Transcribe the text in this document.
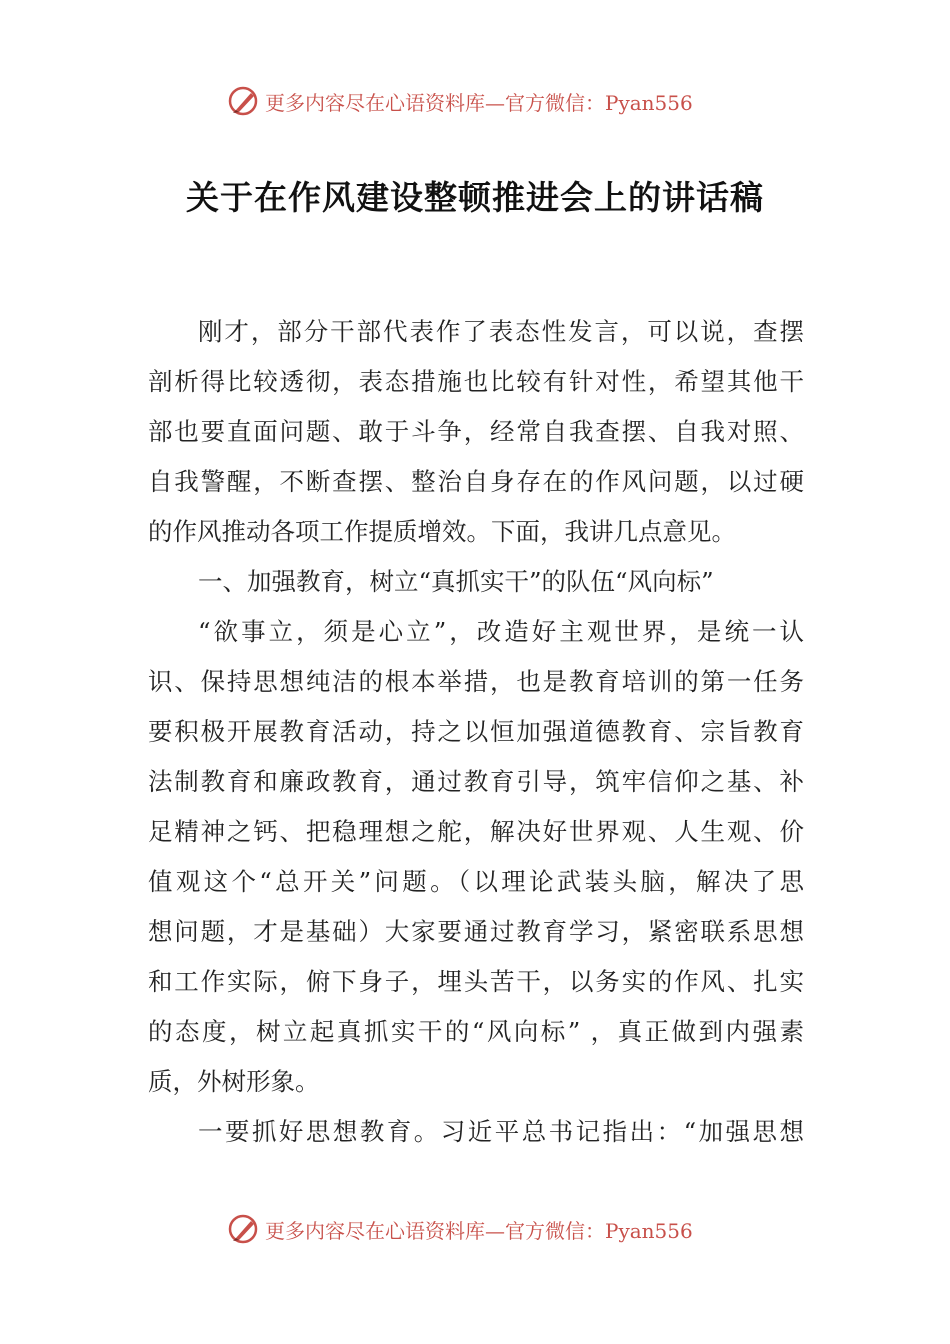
更多内容尽在心语资料库—官方微信：Pyan556
关于在作风建设整顿推进会上的讲话稿
刚才，部分干部代表作了表态性发言，可以说，查摆
剖析得比较透彻，表态措施也比较有针对性，希望其他干
部也要直面问题、敢于斗争，经常自我查摆、自我对照、
自我警醒，不断查摆、整治自身存在的作风问题，以过硬
的作风推动各项工作提质增效。下面，我讲几点意见。
一、加强教育，树立“真抓实干”的队伍“风向标”
“欲事立，须是心立”，改造好主观世界，是统一认
识、保持思想纯洁的根本举措，也是教育培训的第一任务
要积极开展教育活动，持之以恒加强道德教育、宗旨教育
法制教育和廉政教育，通过教育引导，筑牢信仰之基、补
足精神之钙、把稳理想之舵，解决好世界观、人生观、价
值观这个“总开关”问题。（以理论武装头脑，解决了思
想问题，才是基础）大家要通过教育学习，紧密联系思想
和工作实际，俯下身子，埋头苦干，以务实的作风、扎实
的态度，树立起真抓实干的“风向标” ，真正做到内强素
质，外树形象。
一要抓好思想教育。习近平总书记指出：“加强思想
更多内容尽在心语资料库—官方微信：Pyan556
